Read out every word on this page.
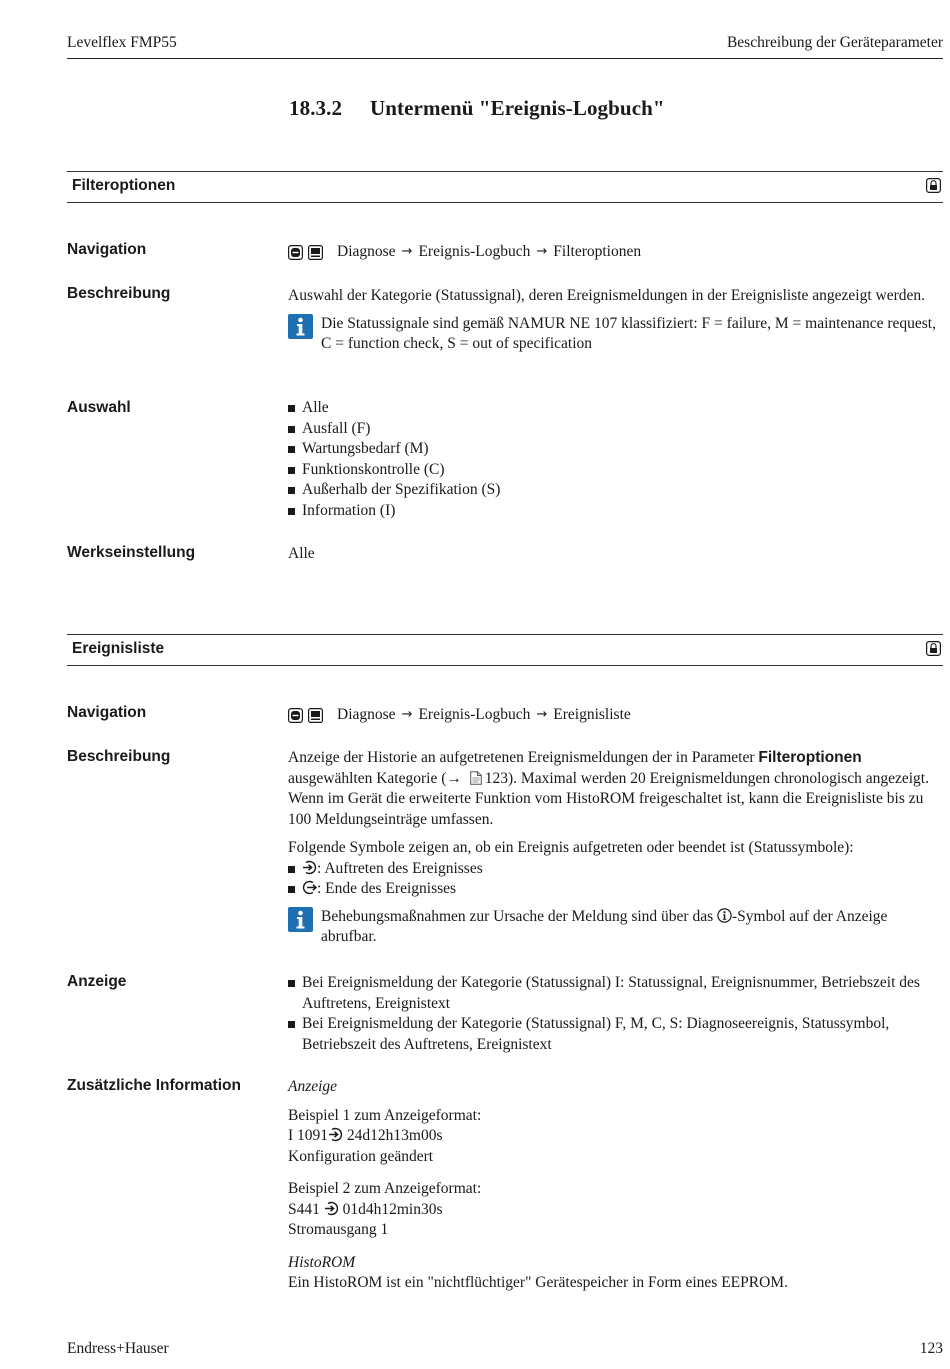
Levelflex FMP55	Beschreibung der Geräteparameter
18.3.2 Untermenü "Ereignis-Logbuch"
Filteroptionen
Navigation	Diagnose → Ereignis-Logbuch → Filteroptionen
Beschreibung	Auswahl der Kategorie (Statussignal), deren Ereignismeldungen in der Ereignisliste angezeigt werden.

Die Statussignale sind gemäß NAMUR NE 107 klassifiziert: F = failure, M = maintenance request, C = function check, S = out of specification
Auswahl	Alle
Ausfall (F)
Wartungsbedarf (M)
Funktionskontrolle (C)
Außerhalb der Spezifikation (S)
Information (I)
Werkseinstellung	Alle
Ereignisliste
Navigation	Diagnose → Ereignis-Logbuch → Ereignisliste
Beschreibung	Anzeige der Historie an aufgetretenen Ereignismeldungen der in Parameter Filteroptionen ausgewählten Kategorie (→ 123). Maximal werden 20 Ereignismeldungen chronologisch angezeigt. Wenn im Gerät die erweiterte Funktion vom HistoROM freigeschaltet ist, kann die Ereignisliste bis zu 100 Meldungseinträge umfassen.

Folgende Symbole zeigen an, ob ein Ereignis aufgetreten oder beendet ist (Statussymbole):

: Auftreten des Ereignisses
: Ende des Ereignisses
Behebungsmaßnahmen zur Ursache der Meldung sind über das -Symbol auf der Anzeige abrufbar.
Anzeige	Bei Ereignismeldung der Kategorie (Statussignal) I: Statussignal, Ereignisnummer, Betriebszeit des Auftretens, Ereignistext
Bei Ereignismeldung der Kategorie (Statussignal) F, M, C, S: Diagnoseereignis, Statussymbol, Betriebszeit des Auftretens, Ereignistext
Zusätzliche Information	Anzeige

Beispiel 1 zum Anzeigeformat:

I 1091 24d12h13m00s

Konfiguration geändert

Beispiel 2 zum Anzeigeformat:

S441  01d4h12min30s

Stromausgang 1

HistoROM

Ein HistoROM ist ein "nichtflüchtiger" Gerätespeicher in Form eines EEPROM.

Endress+Hauser	123
